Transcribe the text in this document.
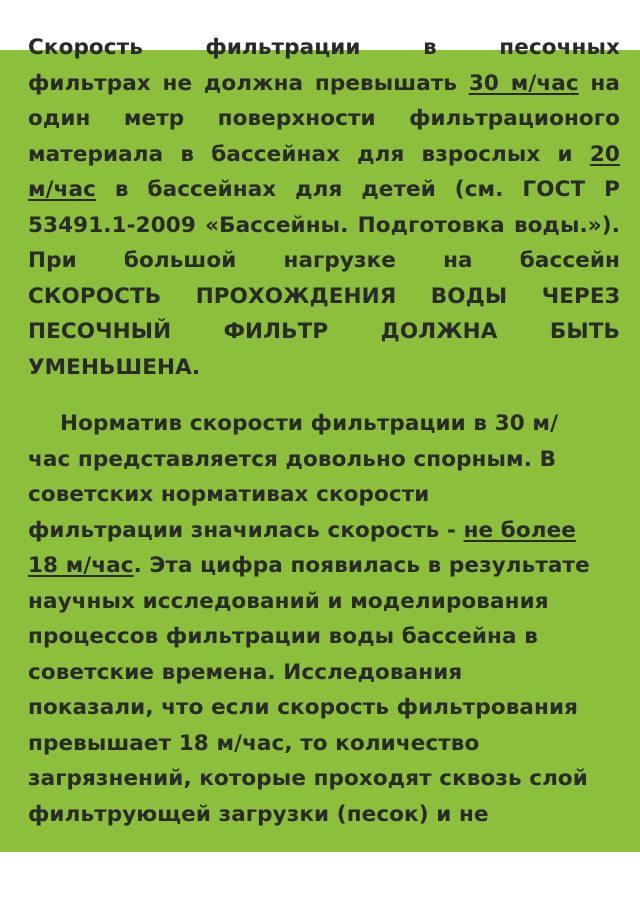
Скорость фильтрации в песочных
фильтрах не должна превышать 30 м/час на
один метр поверхности фильтрационого
материала в бассейнах для взрослых и 20
м/час в бассейнах для детей (см. ГОСТ Р
53491.1-2009 «Бассейны. Подготовка воды.»).
При большой нагрузке на бассейн
СКОРОСТЬ ПРОХОЖДЕНИЯ ВОДЫ ЧЕРЕЗ
ПЕСОЧНЫЙ ФИЛЬТР ДОЛЖНА БЫТЬ
УМЕНЬШЕНА.
Норматив скорости фильтрации в 30 м/
час представляется довольно спорным. В
советских нормативах скорости
фильтрации значилась скорость - не более
18 м/час. Эта цифра появилась в результате
научных исследований и моделирования
процессов фильтрации воды бассейна в
советские времена. Исследования
показали, что если скорость фильтрования
превышает 18 м/час, то количество
загрязнений, которые проходят сквозь слой
фильтрующей загрузки (песок) и не
